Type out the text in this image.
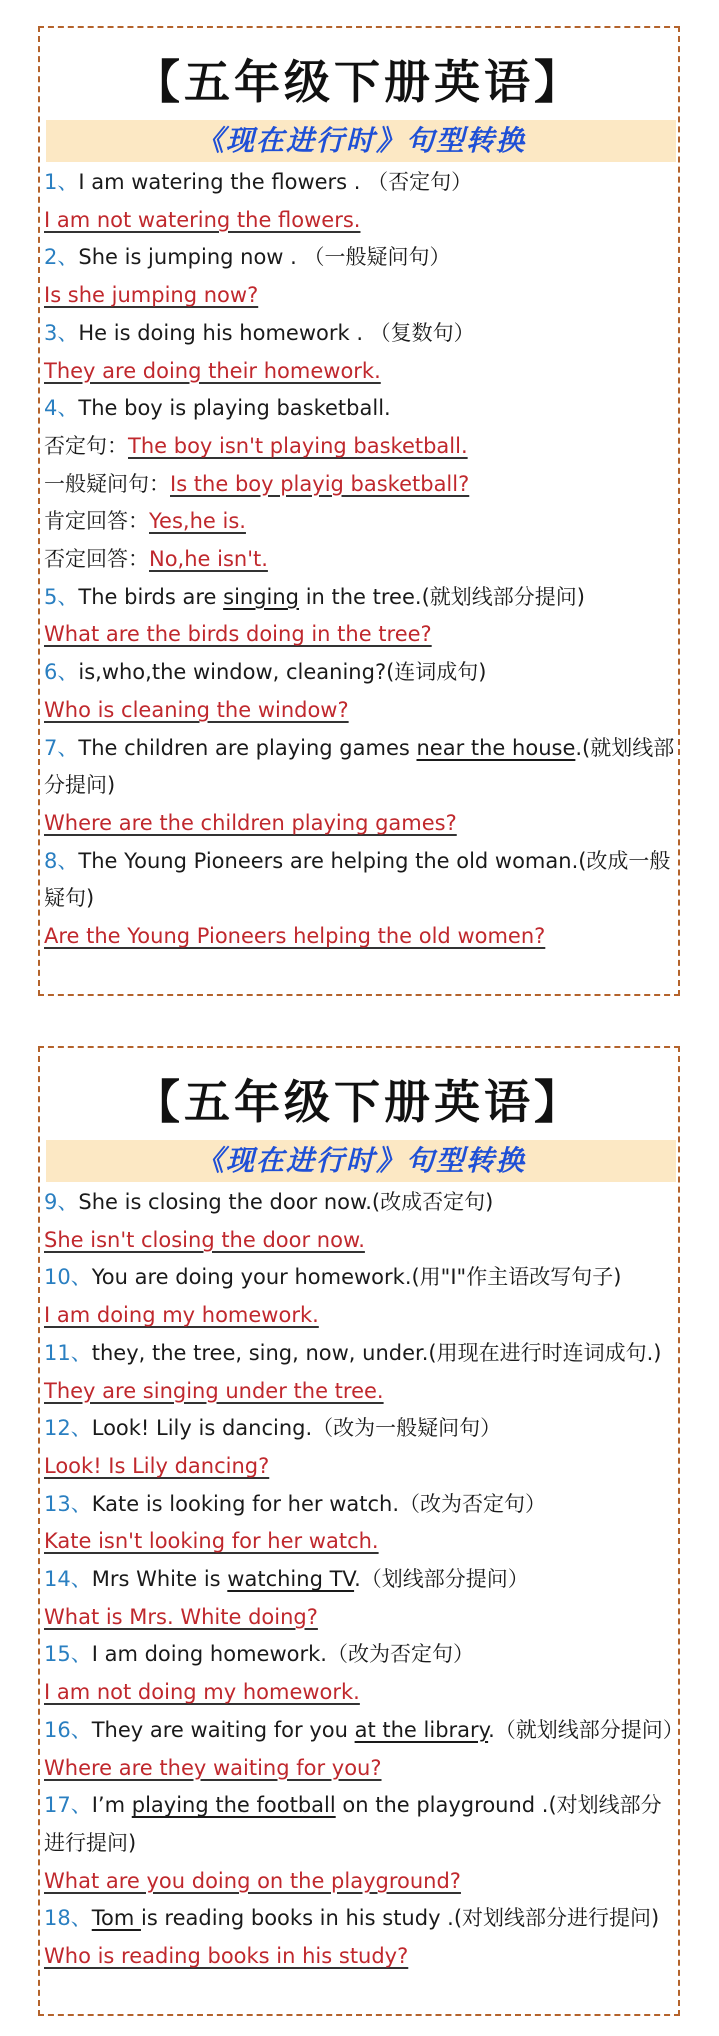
【五年级下册英语】
《现在进行时》句型转换
1、I am watering the flowers . （否定句）
I am not watering the flowers.
2、She is jumping now . （一般疑问句）
Is she jumping now?
3、He is doing his homework . （复数句）
They are doing their homework.
4、The boy is playing basketball.
否定句：The boy isn't playing basketball.
一般疑问句：Is the boy playig basketball?
肯定回答：Yes,he is.
否定回答：No,he isn't.
5、The birds are singing in the tree.(就划线部分提问)
What are the birds doing in the tree?
6、is,who,the window, cleaning?(连词成句)
Who is cleaning the window?
7、The children are playing games near the house.(就划线部分提问)
Where are the children playing games?
8、The Young Pioneers are helping the old woman.(改成一般疑句)
Are the Young Pioneers helping the old women?
【五年级下册英语】
《现在进行时》句型转换
9、She is closing the door now.(改成否定句)
She isn't closing the door now.
10、You are doing your homework.(用"I"作主语改写句子)
I am doing my homework.
11、they, the tree, sing, now, under.(用现在进行时连词成句.)
They are singing under the tree.
12、Look! Lily is dancing.（改为一般疑问句）
Look! Is Lily dancing?
13、Kate is looking for her watch.（改为否定句）
Kate isn't looking for her watch.
14、Mrs White is watching TV.（划线部分提问）
What is Mrs. White doing?
15、I am doing homework.（改为否定句）
I am not doing my homework.
16、They are waiting for you at the library.（就划线部分提问）
Where are they waiting for you?
17、I’m playing the football on the playground .(对划线部分进行提问)
What are you doing on the playground?
18、Tom is reading books in his study .(对划线部分进行提问)
Who is reading books in his study?
